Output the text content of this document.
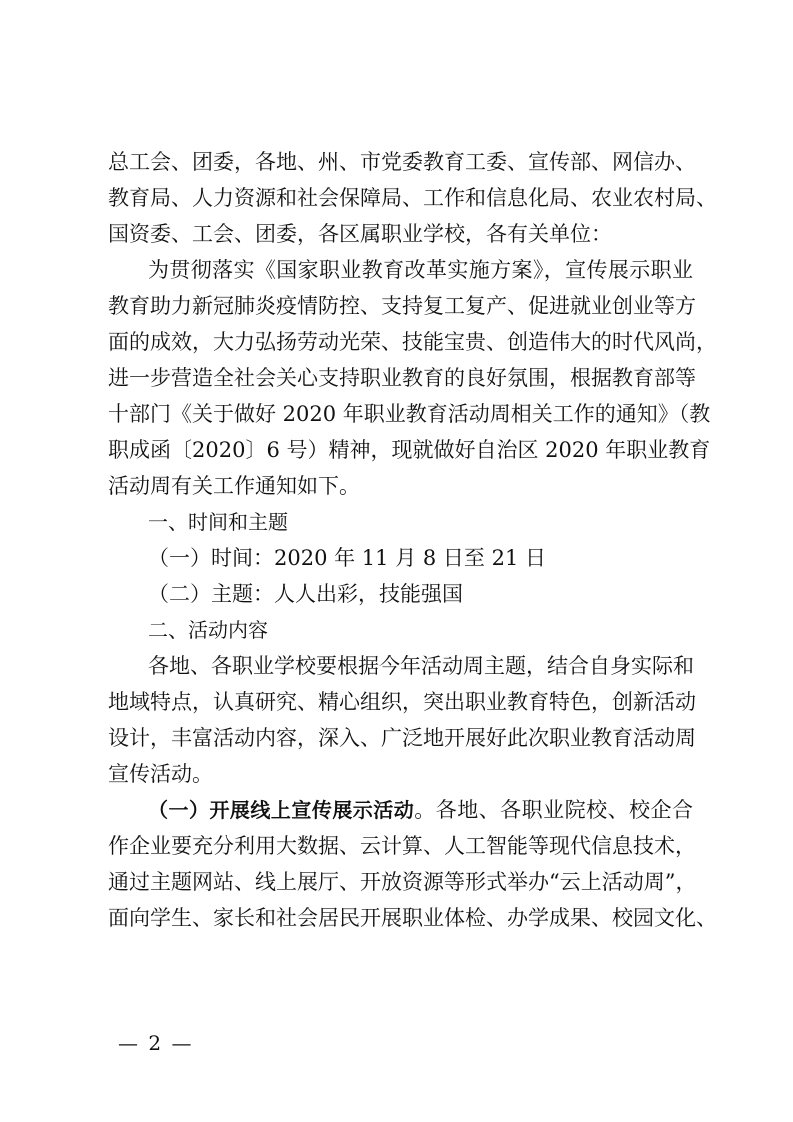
总工会、团委，各地、州、市党委教育工委、宣传部、网信办、
教育局、人力资源和社会保障局、工作和信息化局、农业农村局、
国资委、工会、团委，各区属职业学校，各有关单位：
为贯彻落实《国家职业教育改革实施方案》，宣传展示职业
教育助力新冠肺炎疫情防控、支持复工复产、促进就业创业等方
面的成效，大力弘扬劳动光荣、技能宝贵、创造伟大的时代风尚，
进一步营造全社会关心支持职业教育的良好氛围，根据教育部等
十部门《关于做好 2020 年职业教育活动周相关工作的通知》（教
职成函〔2020〕6 号）精神，现就做好自治区 2020 年职业教育
活动周有关工作通知如下。
一、时间和主题
（一）时间：2020 年 11 月 8 日至 21 日
（二）主题：人人出彩，技能强国
二、活动内容
各地、各职业学校要根据今年活动周主题，结合自身实际和
地域特点，认真研究、精心组织，突出职业教育特色，创新活动
设计，丰富活动内容，深入、广泛地开展好此次职业教育活动周
宣传活动。
（一）开展线上宣传展示活动。各地、各职业院校、校企合
作企业要充分利用大数据、云计算、人工智能等现代信息技术，
通过主题网站、线上展厅、开放资源等形式举办“云上活动周”，
面向学生、家长和社会居民开展职业体检、办学成果、校园文化、
— 2 —
